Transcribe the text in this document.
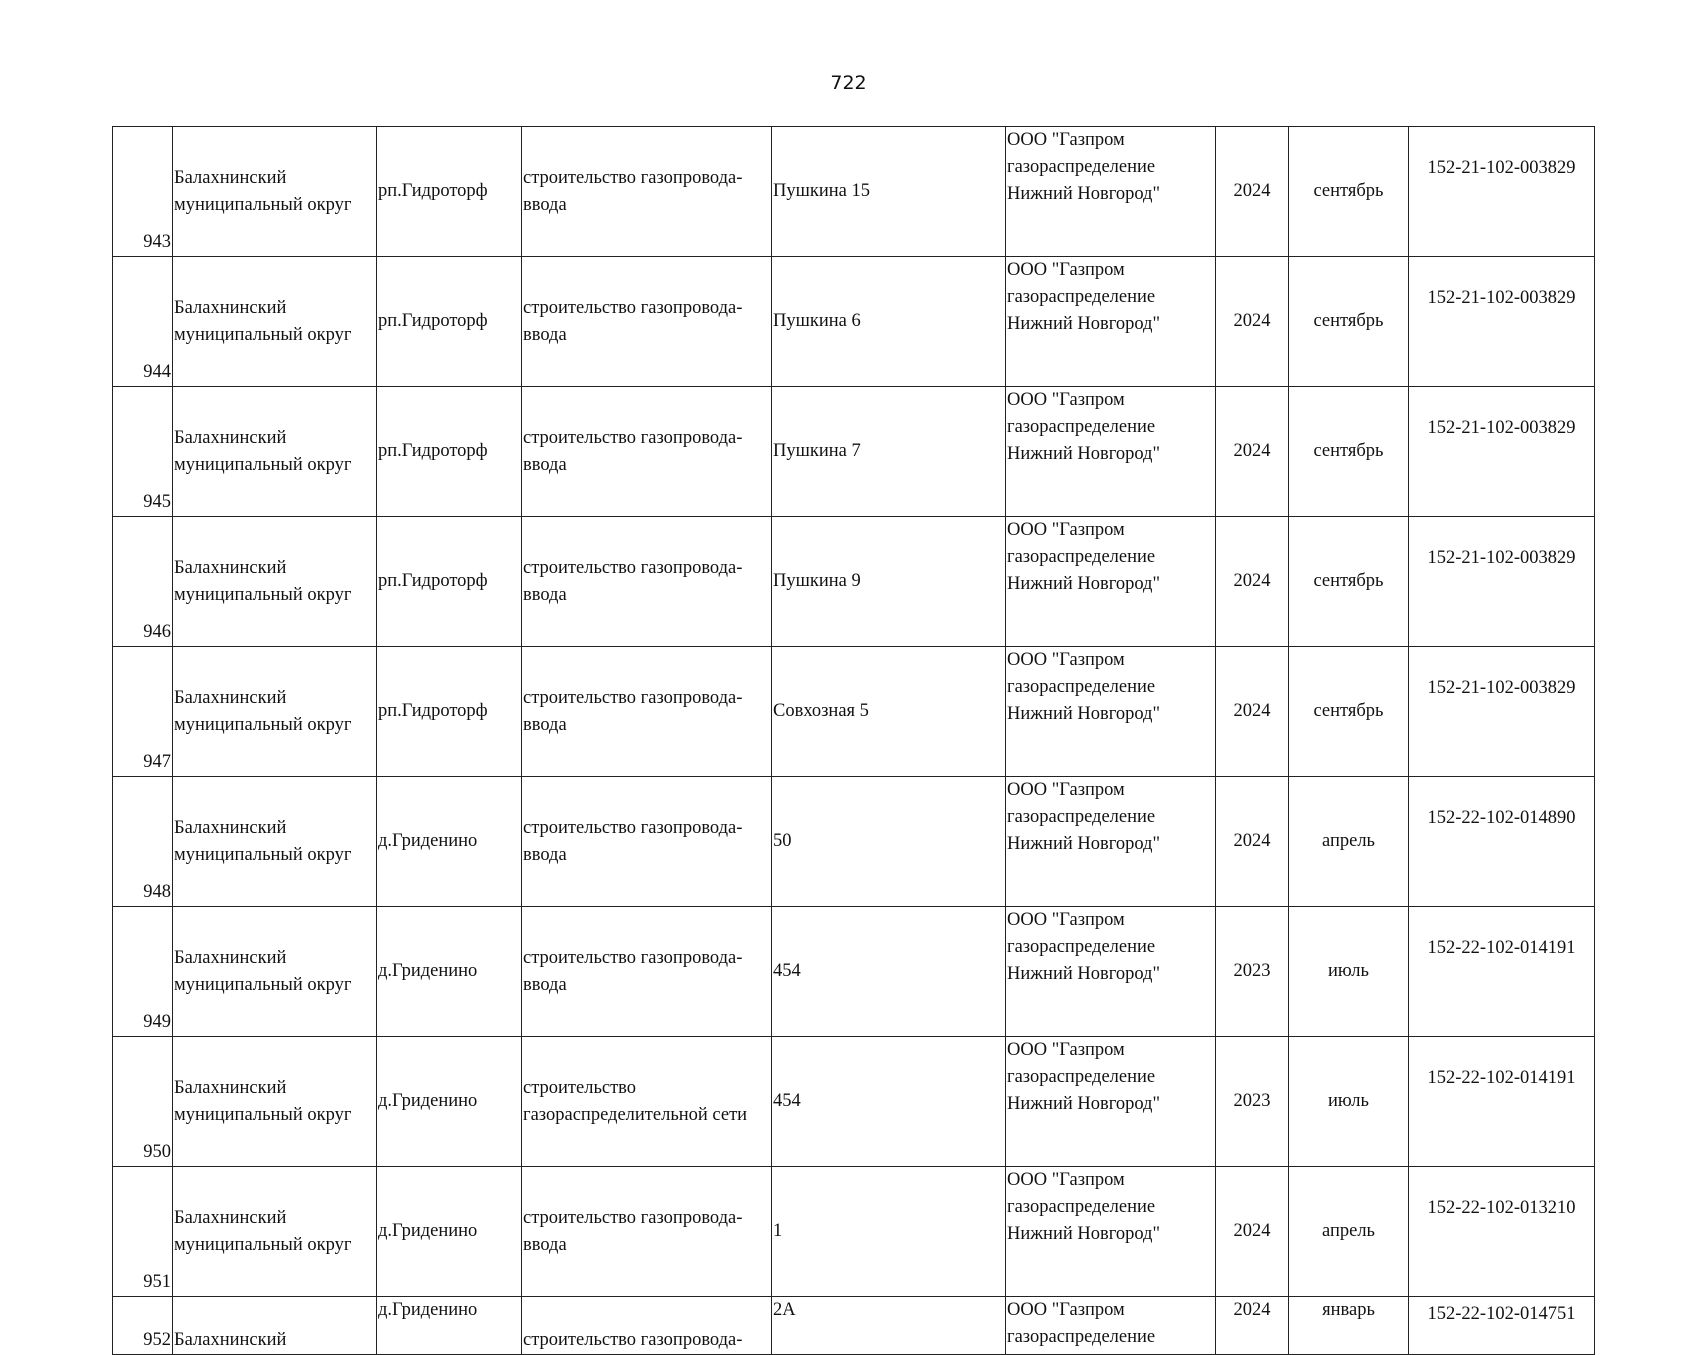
722
943	Балахнинский
муниципальный округ	рп.Гидроторф	строительство газопровода-
ввода	Пушкина 15	ООО "Газпром
газораспределение
Нижний Новгород"	2024	сентябрь	152-21-102-003829
944	Балахнинский
муниципальный округ	рп.Гидроторф	строительство газопровода-
ввода	Пушкина 6	ООО "Газпром
газораспределение
Нижний Новгород"	2024	сентябрь	152-21-102-003829
945	Балахнинский
муниципальный округ	рп.Гидроторф	строительство газопровода-
ввода	Пушкина 7	ООО "Газпром
газораспределение
Нижний Новгород"	2024	сентябрь	152-21-102-003829
946	Балахнинский
муниципальный округ	рп.Гидроторф	строительство газопровода-
ввода	Пушкина 9	ООО "Газпром
газораспределение
Нижний Новгород"	2024	сентябрь	152-21-102-003829
947	Балахнинский
муниципальный округ	рп.Гидроторф	строительство газопровода-
ввода	Совхозная 5	ООО "Газпром
газораспределение
Нижний Новгород"	2024	сентябрь	152-21-102-003829
948	Балахнинский
муниципальный округ	д.Гриденино	строительство газопровода-
ввода	50	ООО "Газпром
газораспределение
Нижний Новгород"	2024	апрель	152-22-102-014890
949	Балахнинский
муниципальный округ	д.Гриденино	строительство газопровода-
ввода	454	ООО "Газпром
газораспределение
Нижний Новгород"	2023	июль	152-22-102-014191
950	Балахнинский
муниципальный округ	д.Гриденино	строительство
газораспределительной сети	454	ООО "Газпром
газораспределение
Нижний Новгород"	2023	июль	152-22-102-014191
951	Балахнинский
муниципальный округ	д.Гриденино	строительство газопровода-
ввода	1	ООО "Газпром
газораспределение
Нижний Новгород"	2024	апрель	152-22-102-013210
952	Балахнинский	д.Гриденино	строительство газопровода-	2А	ООО "Газпром
газораспределение	2024	январь	152-22-102-014751
